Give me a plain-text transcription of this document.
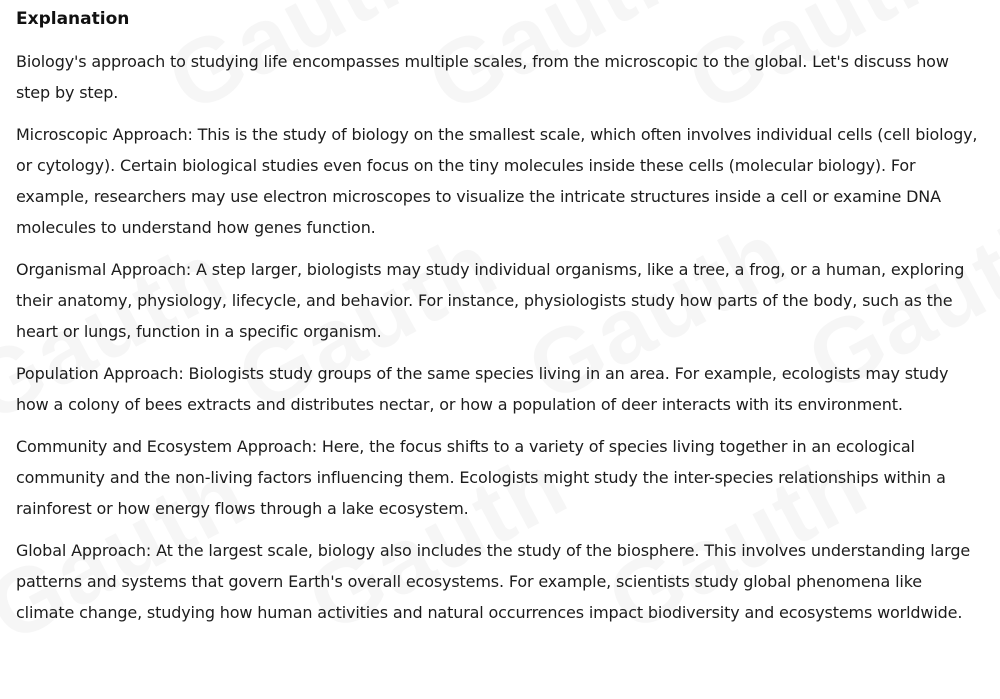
Explanation

Biology's approach to studying life encompasses multiple scales, from the microscopic to the global. Let's discuss how step by step.

Microscopic Approach: This is the study of biology on the smallest scale, which often involves individual cells (cell biology, or cytology). Certain biological studies even focus on the tiny molecules inside these cells (molecular biology). For example, researchers may use electron microscopes to visualize the intricate structures inside a cell or examine DNA molecules to understand how genes function.

Organismal Approach: A step larger, biologists may study individual organisms, like a tree, a frog, or a human, exploring their anatomy, physiology, lifecycle, and behavior. For instance, physiologists study how parts of the body, such as the heart or lungs, function in a specific organism.

Population Approach: Biologists study groups of the same species living in an area. For example, ecologists may study how a colony of bees extracts and distributes nectar, or how a population of deer interacts with its environment.

Community and Ecosystem Approach: Here, the focus shifts to a variety of species living together in an ecological community and the non-living factors influencing them. Ecologists might study the inter-species relationships within a rainforest or how energy flows through a lake ecosystem.

Global Approach: At the largest scale, biology also includes the study of the biosphere. This involves understanding large patterns and systems that govern Earth's overall ecosystems. For example, scientists study global phenomena like climate change, studying how human activities and natural occurrences impact biodiversity and ecosystems worldwide.
